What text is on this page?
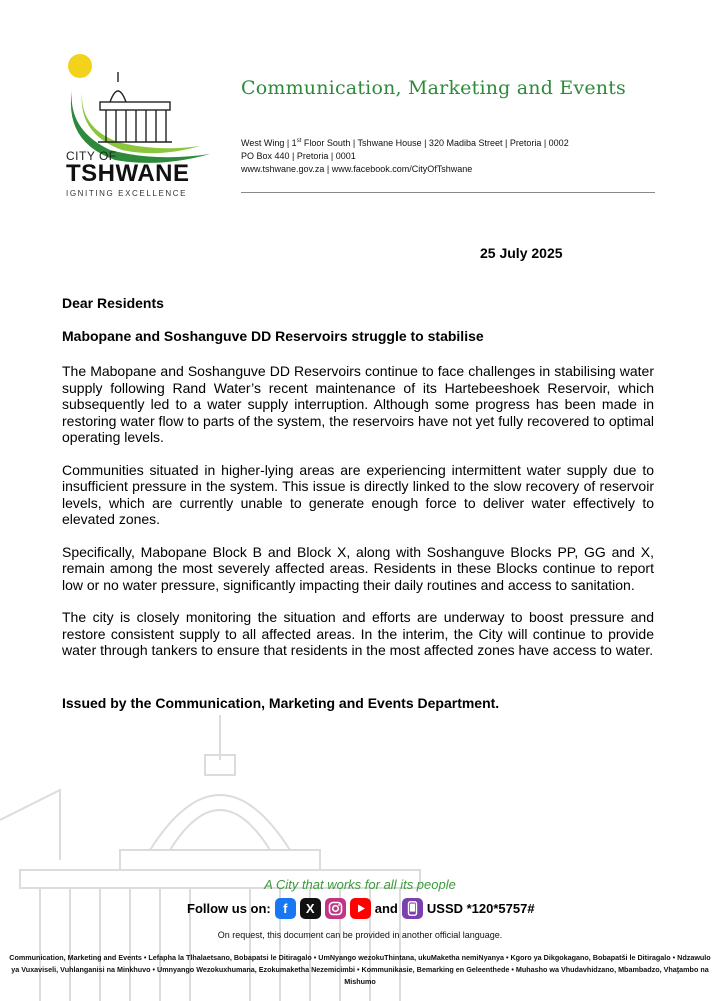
CITY OF
TSHWANE
IGNITING EXCELLENCE
Communication, Marketing and Events
West Wing | 1st Floor South | Tshwane House | 320 Madiba Street | Pretoria | 0002
PO Box 440 | Pretoria | 0001
www.tshwane.gov.za | www.facebook.com/CityOfTshwane
25 July 2025
Dear Residents
Mabopane and Soshanguve DD Reservoirs struggle to stabilise

The Mabopane and Soshanguve DD Reservoirs continue to face challenges in stabilising water supply following Rand Water’s recent maintenance of its Hartebeeshoek Reservoir, which subsequently led to a water supply interruption. Although some progress has been made in restoring water flow to parts of the system, the reservoirs have not yet fully recovered to optimal operating levels.

Communities situated in higher-lying areas are experiencing intermittent water supply due to insufficient pressure in the system. This issue is directly linked to the slow recovery of reservoir levels, which are currently unable to generate enough force to deliver water effectively to elevated zones.

Specifically, Mabopane Block B and Block X, along with Soshanguve Blocks PP, GG and X, remain among the most severely affected areas. Residents in these Blocks continue to report low or no water pressure, significantly impacting their daily routines and access to sanitation.

The city is closely monitoring the situation and efforts are underway to boost pressure and restore consistent supply to all affected areas. In the interim, the City will continue to provide water through tankers to ensure that residents in the most affected zones have access to water.

Issued by the Communication, Marketing and Events Department.
A City that works for all its people
Follow us on: f	X	and USSD *120*5757#
On request, this document can be provided in another official language.
Communication, Marketing and Events • Lefapha la Tlhalaetsano, Bobapatsi le Ditiragalo • UmNyango wezokuThintana, ukuMaketha nemiNyanya • Kgoro ya Dikgokagano, Bobapatši le Ditiragalo • Ndzawulo ya Vuxaviseli, Vuhlanganisi na Minkhuvo • Umnyango Wezokuxhumana, Ezokumaketha Nezemicimbi • Kommunikasie, Bemarking en Geleenthede • Muhasho wa Vhudavhidzano, Mbambadzo, Vhaṱambo na Mishumo
